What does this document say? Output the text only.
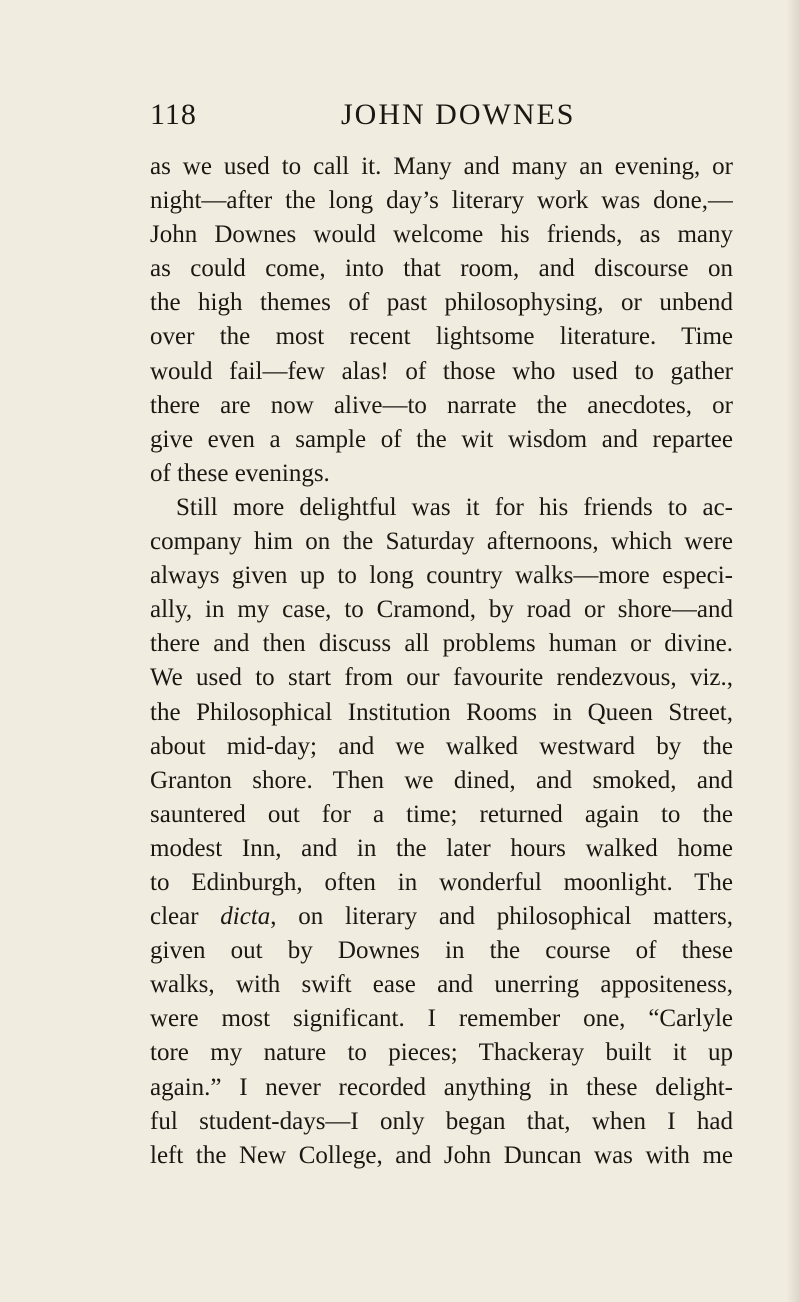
118	JOHN DOWNES
as we used to call it. Many and many an evening, or
night—after the long day’s literary work was done,—
John Downes would welcome his friends, as many
as could come, into that room, and discourse on
the high themes of past philosophysing, or unbend
over the most recent lightsome literature. Time
would fail—few alas! of those who used to gather
there are now alive—to narrate the anecdotes, or
give even a sample of the wit wisdom and repartee
of these evenings.
Still more delightful was it for his friends to ac-
company him on the Saturday afternoons, which were
always given up to long country walks—more especi-
ally, in my case, to Cramond, by road or shore—and
there and then discuss all problems human or divine.
We used to start from our favourite rendezvous, viz.,
the Philosophical Institution Rooms in Queen Street,
about mid-day; and we walked westward by the
Granton shore. Then we dined, and smoked, and
sauntered out for a time; returned again to the
modest Inn, and in the later hours walked home
to Edinburgh, often in wonderful moonlight. The
clear dicta, on literary and philosophical matters,
given out by Downes in the course of these
walks, with swift ease and unerring appositeness,
were most significant. I remember one, “Carlyle
tore my nature to pieces; Thackeray built it up
again.” I never recorded anything in these delight-
ful student-days—I only began that, when I had
left the New College, and John Duncan was with me
